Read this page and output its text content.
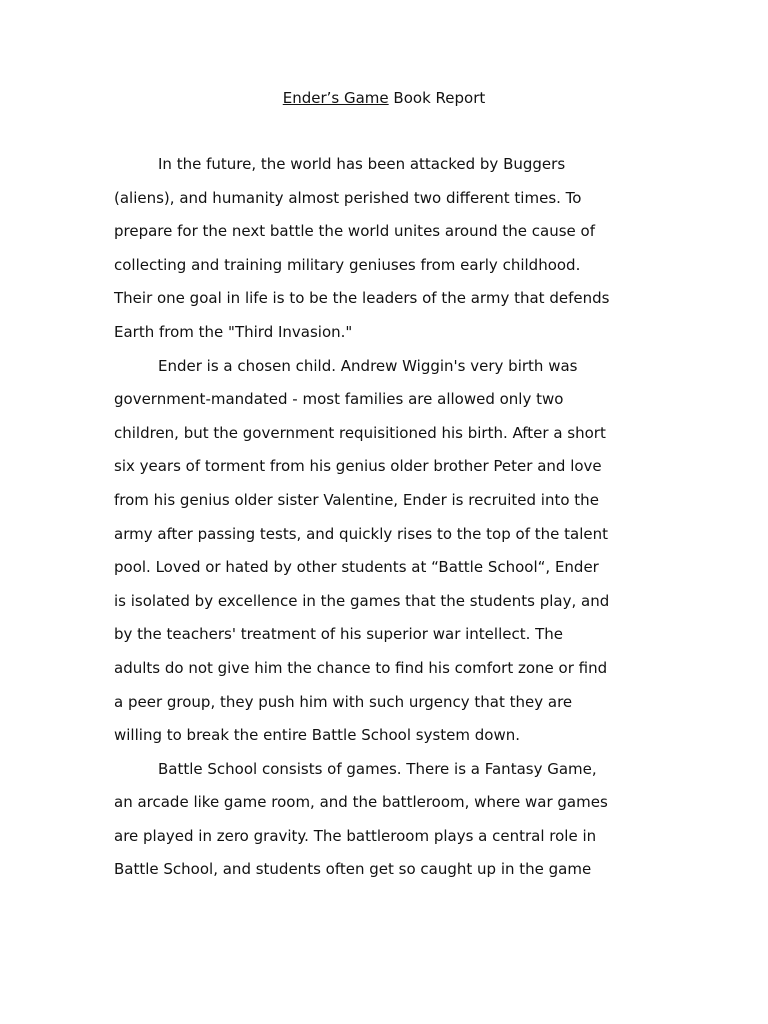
Ender’s Game Book Report
In the future, the world has been attacked by Buggers
(aliens), and humanity almost perished two different times. To
prepare for the next battle the world unites around the cause of
collecting and training military geniuses from early childhood.
Their one goal in life is to be the leaders of the army that defends
Earth from the "Third Invasion."
Ender is a chosen child. Andrew Wiggin's very birth was
government-mandated - most families are allowed only two
children, but the government requisitioned his birth. After a short
six years of torment from his genius older brother Peter and love
from his genius older sister Valentine, Ender is recruited into the
army after passing tests, and quickly rises to the top of the talent
pool. Loved or hated by other students at “Battle School“, Ender
is isolated by excellence in the games that the students play, and
by the teachers' treatment of his superior war intellect. The
adults do not give him the chance to find his comfort zone or find
a peer group, they push him with such urgency that they are
willing to break the entire Battle School system down.
Battle School consists of games. There is a Fantasy Game,
an arcade like game room, and the battleroom, where war games
are played in zero gravity. The battleroom plays a central role in
Battle School, and students often get so caught up in the game
